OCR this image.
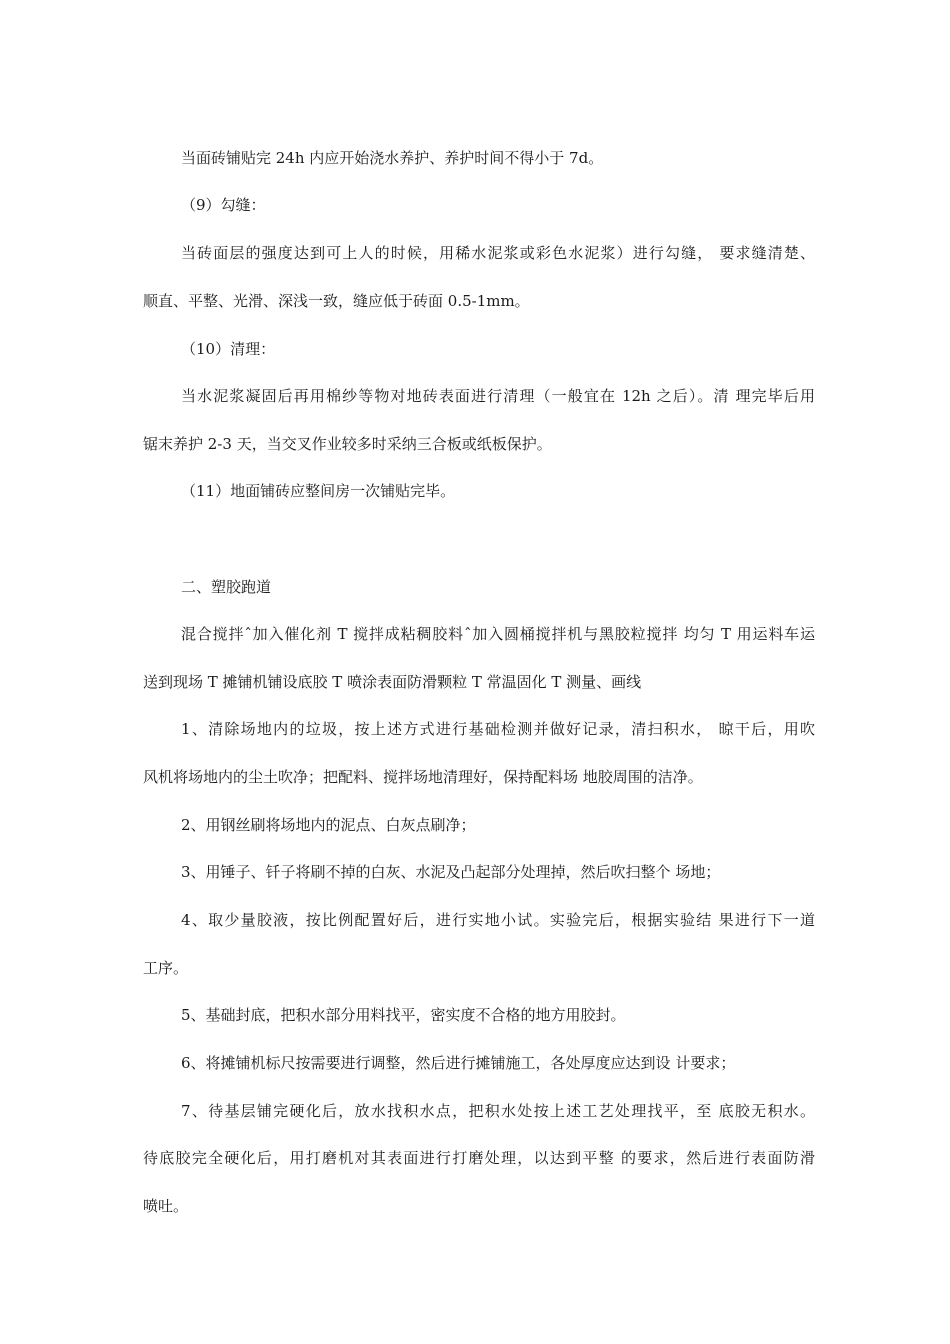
当面砖铺贴完 24h 内应开始浇水养护、养护时间不得小于 7d。
（9）勾缝：
当砖面层的强度达到可上人的时候，用稀水泥浆或彩色水泥浆）进行勾缝， 要求缝清楚、
顺直、平整、光滑、深浅一致，缝应低于砖面 0.5-1mm。
（10）清理：
当水泥浆凝固后再用棉纱等物对地砖表面进行清理（一般宜在 12h 之后）。清 理完毕后用
锯末养护 2-3 天，当交叉作业较多时采纳三合板或纸板保护。
（11）地面铺砖应整间房一次铺贴完毕。
二、塑胶跑道
混合搅拌ˆ加入催化剂 T 搅拌成粘稠胶料ˆ加入圆桶搅拌机与黑胶粒搅拌 均匀 T 用运料车运
送到现场 T 摊铺机铺设底胶 T 喷涂表面防滑颗粒 T 常温固化 T 测量、画线
1、清除场地内的垃圾，按上述方式进行基础检测并做好记录，清扫积水， 晾干后，用吹
风机将场地内的尘土吹净；把配料、搅拌场地清理好，保持配料场 地胶周围的洁净。
2、用钢丝刷将场地内的泥点、白灰点刷净；
3、用锤子、钎子将刷不掉的白灰、水泥及凸起部分处理掉，然后吹扫整个 场地；
4、取少量胶液，按比例配置好后，进行实地小试。实验完后，根据实验结 果进行下一道
工序。
5、基础封底，把积水部分用料找平，密实度不合格的地方用胶封。
6、将摊铺机标尺按需要进行调整，然后进行摊铺施工，各处厚度应达到设 计要求；
7、待基层铺完硬化后，放水找积水点，把积水处按上述工艺处理找平，至 底胶无积水。
待底胶完全硬化后，用打磨机对其表面进行打磨处理，以达到平整 的要求，然后进行表面防滑
喷吐。
